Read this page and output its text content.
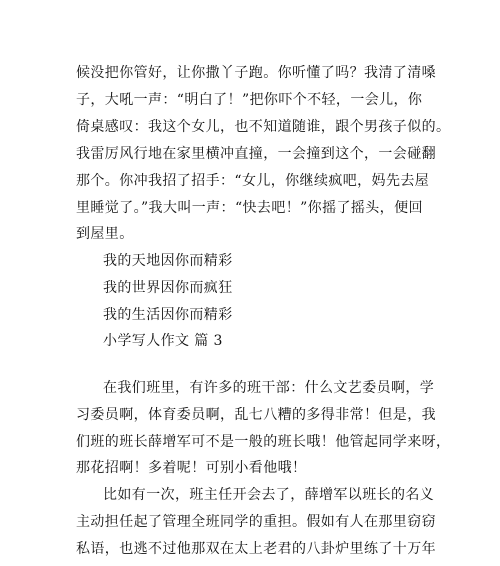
候没把你管好，让你撒丫子跑。你听懂了吗？我清了清嗓
子，大吼一声：“明白了！”把你吓个不轻，一会儿，你
倚桌感叹：我这个女儿，也不知道随谁，跟个男孩子似的。
我雷厉风行地在家里横冲直撞，一会撞到这个，一会碰翻
那个。你冲我招了招手：“女儿，你继续疯吧，妈先去屋
里睡觉了。”我大叫一声：“快去吧！”你摇了摇头，便回
到屋里。
我的天地因你而精彩
我的世界因你而疯狂
我的生活因你而精彩
小学写人作文 篇 3
在我们班里，有许多的班干部：什么文艺委员啊，学
习委员啊，体育委员啊，乱七八糟的多得非常！但是，我
们班的班长薛增军可不是一般的班长哦！他管起同学来呀，
那花招啊！多着呢！可别小看他哦！
比如有一次，班主任开会去了，薛增军以班长的名义
主动担任起了管理全班同学的重担。假如有人在那里窃窃
私语，也逃不过他那双在太上老君的八卦炉里练了十万年
